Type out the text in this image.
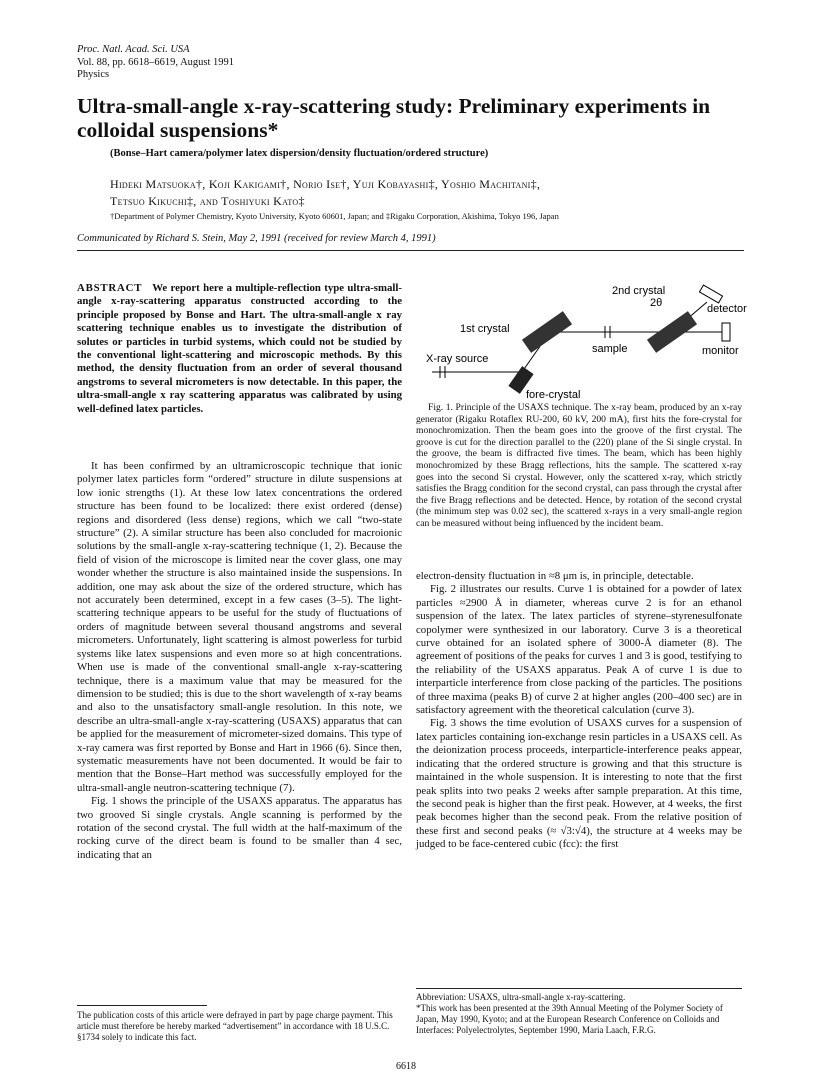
Proc. Natl. Acad. Sci. USA
Vol. 88, pp. 6618–6619, August 1991
Physics
Ultra-small-angle x-ray-scattering study: Preliminary experiments in colloidal suspensions*
(Bonse–Hart camera/polymer latex dispersion/density fluctuation/ordered structure)
Hideki Matsuoka†, Koji Kakigami†, Norio Ise†, Yuji Kobayashi‡, Yoshio Machitani‡,
Tetsuo Kikuchi‡, and Toshiyuki Kato‡
†Department of Polymer Chemistry, Kyoto University, Kyoto 60601, Japan; and ‡Rigaku Corporation, Akishima, Tokyo 196, Japan
Communicated by Richard S. Stein, May 2, 1991 (received for review March 4, 1991)
ABSTRACT We report here a multiple-reflection type ultra-small-angle x-ray-scattering apparatus constructed according to the principle proposed by Bonse and Hart. The ultra-small-angle x ray scattering technique enables us to investigate the distribution of solutes or particles in turbid systems, which could not be studied by the conventional light-scattering and microscopic methods. By this method, the density fluctuation from an order of several thousand angstroms to several micrometers is now detectable. In this paper, the ultra-small-angle x ray scattering apparatus was calibrated by using well-defined latex particles.

It has been confirmed by an ultramicroscopic technique that ionic polymer latex particles form “ordered” structure in dilute suspensions at low ionic strengths (1). At these low latex concentrations the ordered structure has been found to be localized: there exist ordered (dense) regions and disordered (less dense) regions, which we call “two-state structure” (2). A similar structure has been also concluded for macroionic solutions by the small-angle x-ray-scattering technique (1, 2). Because the field of vision of the microscope is limited near the cover glass, one may wonder whether the structure is also maintained inside the suspensions. In addition, one may ask about the size of the ordered structure, which has not accurately been determined, except in a few cases (3–5). The light-scattering technique appears to be useful for the study of fluctuations of orders of magnitude between several thousand angstroms and several micrometers. Unfortunately, light scattering is almost powerless for turbid systems like latex suspensions and even more so at high concentrations. When use is made of the conventional small-angle x-ray-scattering technique, there is a maximum value that may be measured for the dimension to be studied; this is due to the short wavelength of x-ray beams and also to the unsatisfactory small-angle resolution. In this note, we describe an ultra-small-angle x-ray-scattering (USAXS) apparatus that can be applied for the measurement of micrometer-sized domains. This type of x-ray camera was first reported by Bonse and Hart in 1966 (6). Since then, systematic measurements have not been documented. It would be fair to mention that the Bonse–Hart method was successfully employed for the ultra-small-angle neutron-scattering technique (7).

Fig. 1 shows the principle of the USAXS apparatus. The apparatus has two grooved Si single crystals. Angle scanning is performed by the rotation of the second crystal. The full width at the half-maximum of the rocking curve of the direct beam is found to be smaller than 4 sec, indicating that an

The publication costs of this article were defrayed in part by page charge payment. This article must therefore be hereby marked “advertisement” in accordance with 18 U.S.C. §1734 solely to indicate this fact.
2nd crystal
2θ	detector
1st crystal
sample	monitor
X-ray source
fore-crystal

Fig. 1. Principle of the USAXS technique. The x-ray beam, produced by an x-ray generator (Rigaku Rotaflex RU-200, 60 kV, 200 mA), first hits the fore-crystal for monochromization. Then the beam goes into the groove of the first crystal. The groove is cut for the direction parallel to the (220) plane of the Si single crystal. In the groove, the beam is diffracted five times. The beam, which has been highly monochromized by these Bragg reflections, hits the sample. The scattered x-ray goes into the second Si crystal. However, only the scattered x-ray, which strictly satisfies the Bragg condition for the second crystal, can pass through the crystal after the five Bragg reflections and be detected. Hence, by rotation of the second crystal (the minimum step was 0.02 sec), the scattered x-rays in a very small-angle region can be measured without being influenced by the incident beam.

electron-density fluctuation in ≈8 μm is, in principle, detectable.

Fig. 2 illustrates our results. Curve 1 is obtained for a powder of latex particles ≈2900 Å in diameter, whereas curve 2 is for an ethanol suspension of the latex. The latex particles of styrene–styrenesulfonate copolymer were synthesized in our laboratory. Curve 3 is a theoretical curve obtained for an isolated sphere of 3000-Å diameter (8). The agreement of positions of the peaks for curves 1 and 3 is good, testifying to the reliability of the USAXS apparatus. Peak A of curve 1 is due to interparticle interference from close packing of the particles. The positions of three maxima (peaks B) of curve 2 at higher angles (200–400 sec) are in satisfactory agreement with the theoretical calculation (curve 3).

Fig. 3 shows the time evolution of USAXS curves for a suspension of latex particles containing ion-exchange resin particles in a USAXS cell. As the deionization process proceeds, interparticle-interference peaks appear, indicating that the ordered structure is growing and that this structure is maintained in the whole suspension. It is interesting to note that the first peak splits into two peaks 2 weeks after sample preparation. At this time, the second peak is higher than the first peak. However, at 4 weeks, the first peak becomes higher than the second peak. From the relative position of these first and second peaks (≈ √3:√4), the structure at 4 weeks may be judged to be face-centered cubic (fcc): the first

Abbreviation: USAXS, ultra-small-angle x-ray-scattering.

*This work has been presented at the 39th Annual Meeting of the Polymer Society of Japan, May 1990, Kyoto; and at the European Research Conference on Colloids and Interfaces: Polyelectrolytes, September 1990, Maria Laach, F.R.G.

6618
